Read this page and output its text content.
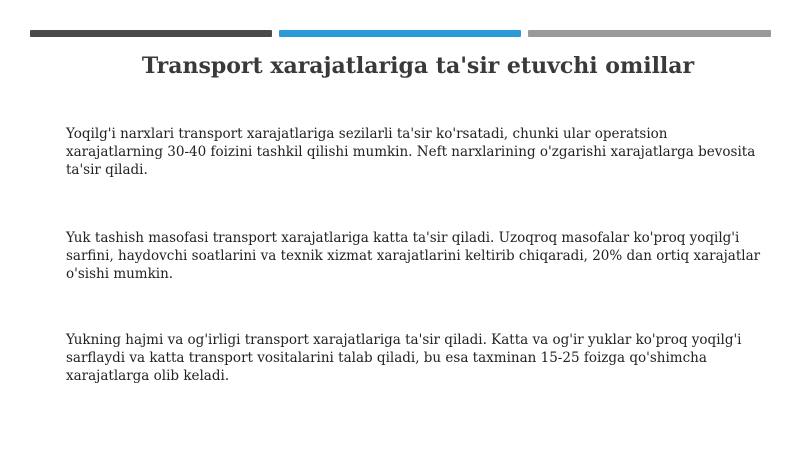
Transport xarajatlariga ta'sir etuvchi omillar

Yoqilg'i narxlari transport xarajatlariga sezilarli ta'sir ko'rsatadi, chunki ular operatsion xarajatlarning 30-40 foizini tashkil qilishi mumkin. Neft narxlarining o'zgarishi xarajatlarga bevosita ta'sir qiladi.

Yuk tashish masofasi transport xarajatlariga katta ta'sir qiladi. Uzoqroq masofalar ko'proq yoqilg'i sarfini, haydovchi soatlarini va texnik xizmat xarajatlarini keltirib chiqaradi, 20% dan ortiq xarajatlar o'sishi mumkin.

Yukning hajmi va og'irligi transport xarajatlariga ta'sir qiladi. Katta va og'ir yuklar ko'proq yoqilg'i sarflaydi va katta transport vositalarini talab qiladi, bu esa taxminan 15-25 foizga qo'shimcha xarajatlarga olib keladi.
